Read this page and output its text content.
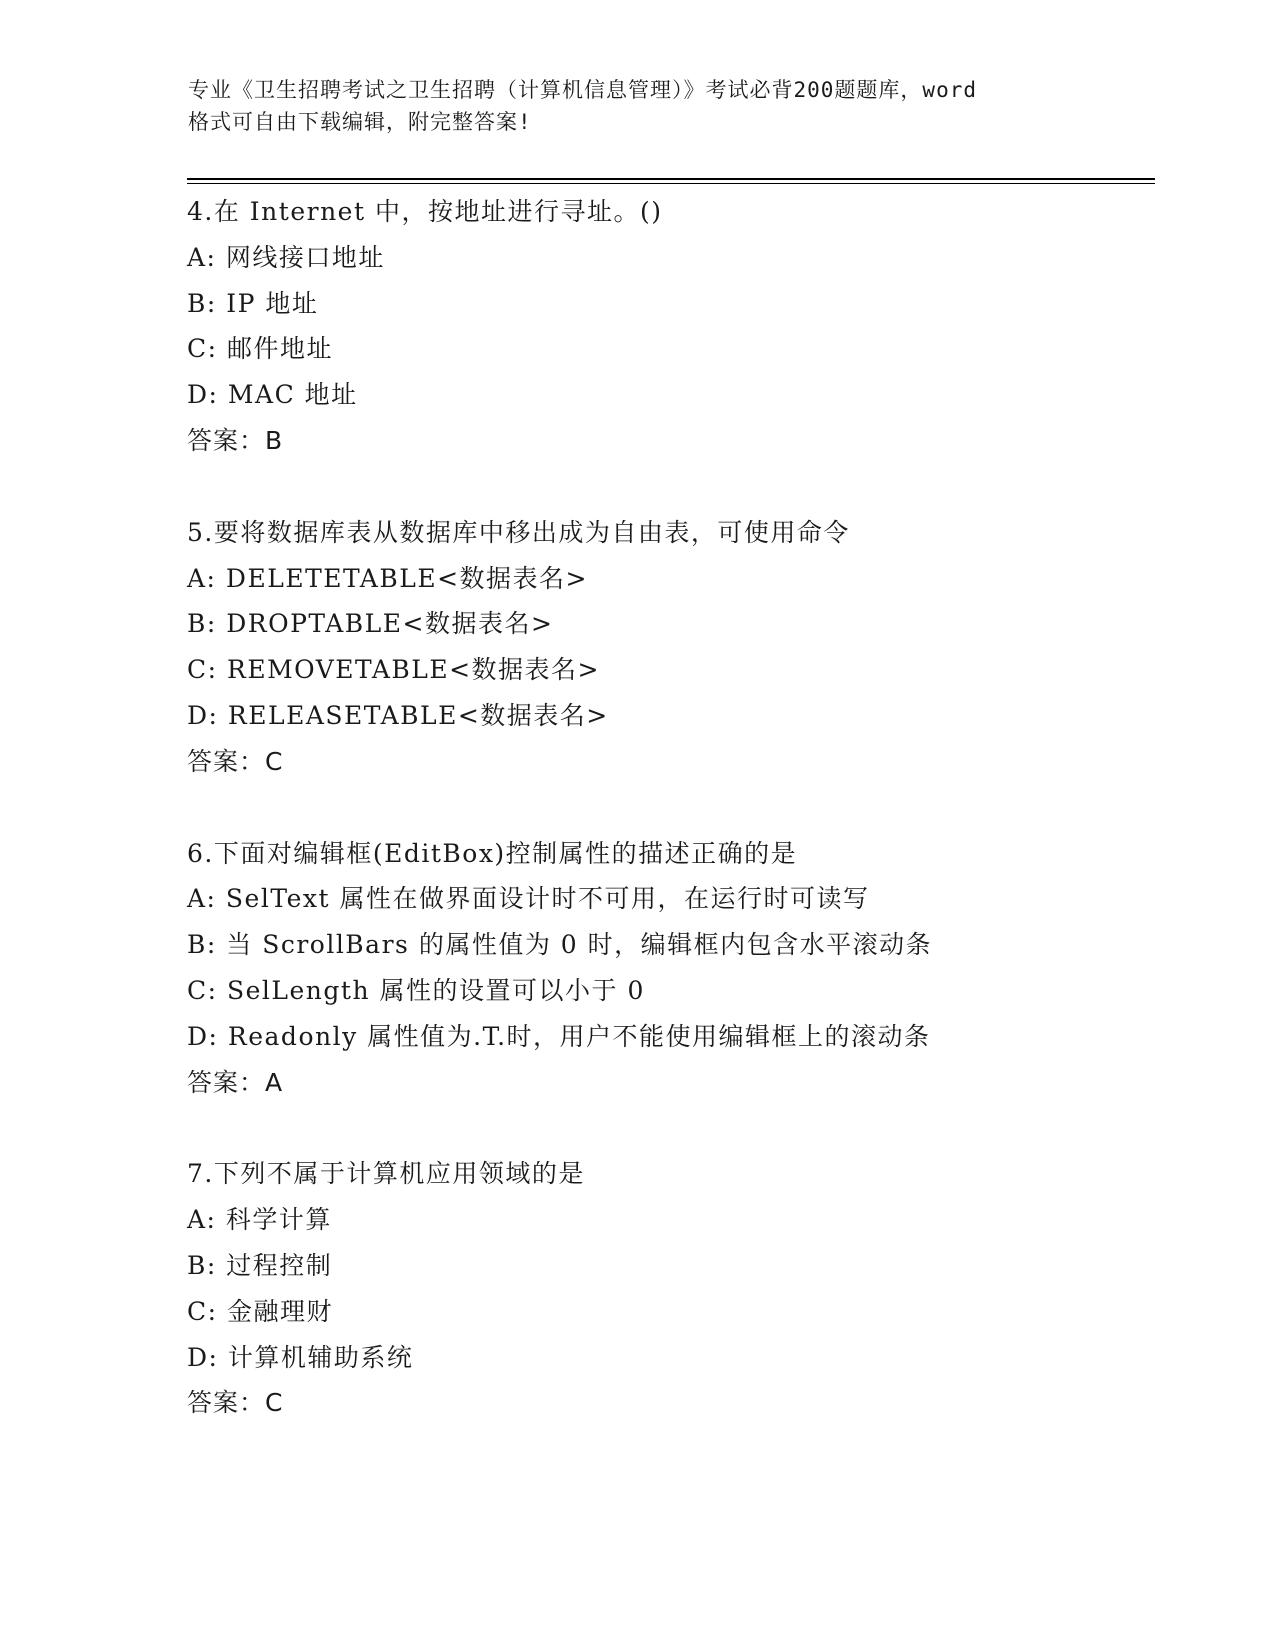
专业《卫生招聘考试之卫生招聘（计算机信息管理）》考试必背200题题库，word
格式可自由下载编辑，附完整答案!
4.在 Internet 中，按地址进行寻址。()
A: 网线接口地址
B: IP 地址
C: 邮件地址
D: MAC 地址
答案：B
5.要将数据库表从数据库中移出成为自由表，可使用命令
A: DELETETABLE<数据表名>
B: DROPTABLE<数据表名>
C: REMOVETABLE<数据表名>
D: RELEASETABLE<数据表名>
答案：C
6.下面对编辑框(EditBox)控制属性的描述正确的是
A: SelText 属性在做界面设计时不可用，在运行时可读写
B: 当 ScrollBars 的属性值为 0 时，编辑框内包含水平滚动条
C: SelLength 属性的设置可以小于 0
D: Readonly 属性值为.T.时，用户不能使用编辑框上的滚动条
答案：A
7.下列不属于计算机应用领域的是
A: 科学计算
B: 过程控制
C: 金融理财
D: 计算机辅助系统
答案：C
